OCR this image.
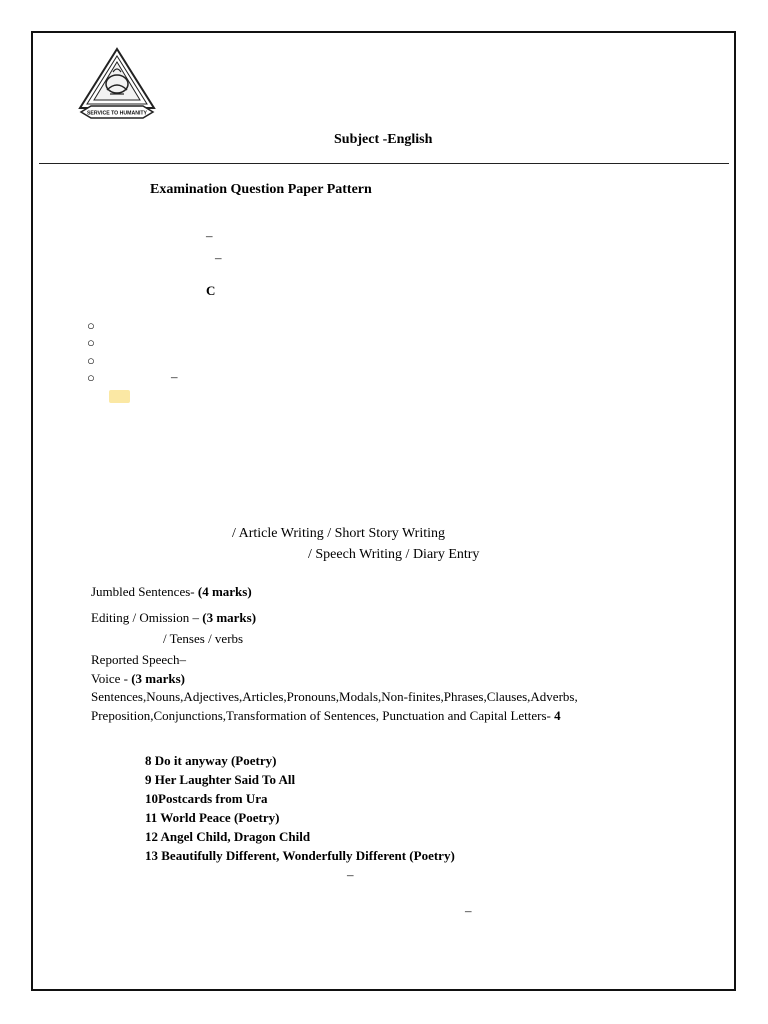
SERVICE TO HUMANITY
Subject -English
Examination Question Paper Pattern
–
–
C
○
○
○
○	–
/ Article Writing / Short Story Writing
/ Speech Writing / Diary Entry
Jumbled Sentences- (4 marks)
Editing / Omission – (3 marks)
/ Tenses / verbs
Reported Speech–
Voice - (3 marks)
Sentences,Nouns,Adjectives,Articles,Pronouns,Modals,Non-finites,Phrases,Clauses,Adverbs,
Preposition,Conjunctions,Transformation of Sentences, Punctuation and Capital Letters- 4
8 Do it anyway (Poetry)
9 Her Laughter Said To All
10Postcards from Ura
11 World Peace (Poetry)
12 Angel Child, Dragon Child
13 Beautifully Different, Wonderfully Different (Poetry)
–
–
